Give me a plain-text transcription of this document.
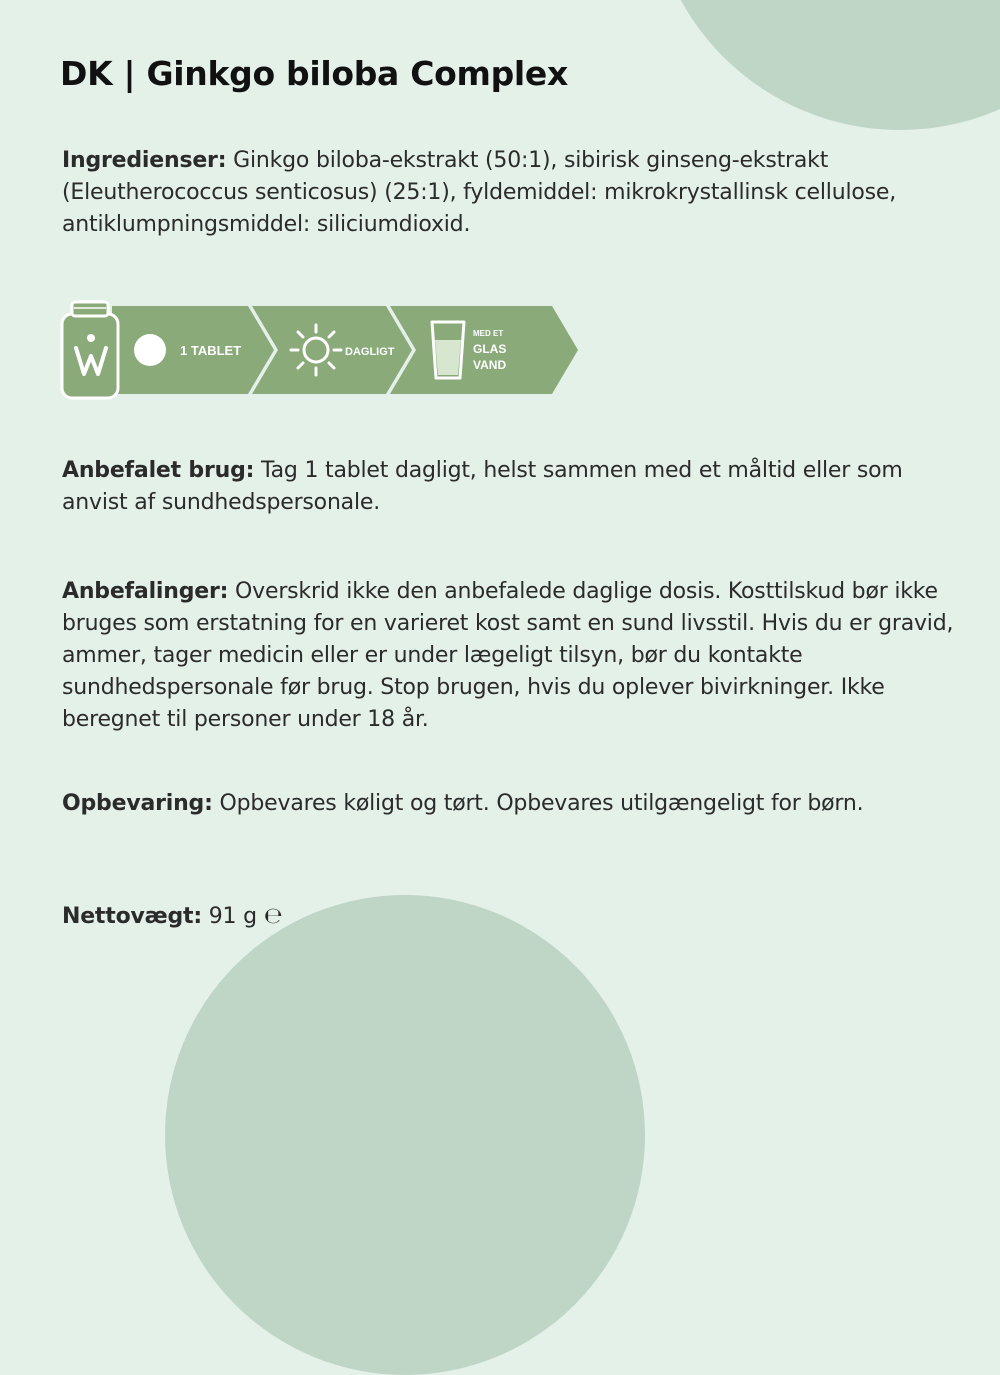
DK | Ginkgo biloba Complex

Ingredienser: Ginkgo biloba-ekstrakt (50:1), sibirisk ginseng-ekstrakt (Eleutherococcus senticosus) (25:1), fyldemiddel: mikrokrystallinsk cellulose, antiklumpningsmiddel: siliciumdioxid.

1 TABLET	DAGLIGT
MED ET
GLAS
VAND

Anbefalet brug: Tag 1 tablet dagligt, helst sammen med et måltid eller som anvist af sundhedspersonale.

Anbefalinger: Overskrid ikke den anbefalede daglige dosis. Kosttilskud bør ikke bruges som erstatning for en varieret kost samt en sund livsstil. Hvis du er gravid, ammer, tager medicin eller er under lægeligt tilsyn, bør du kontakte sundhedspersonale før brug. Stop brugen, hvis du oplever bivirkninger. Ikke beregnet til personer under 18 år.

Opbevaring: Opbevares køligt og tørt. Opbevares utilgængeligt for børn.

Nettovægt: 91 g ℮
